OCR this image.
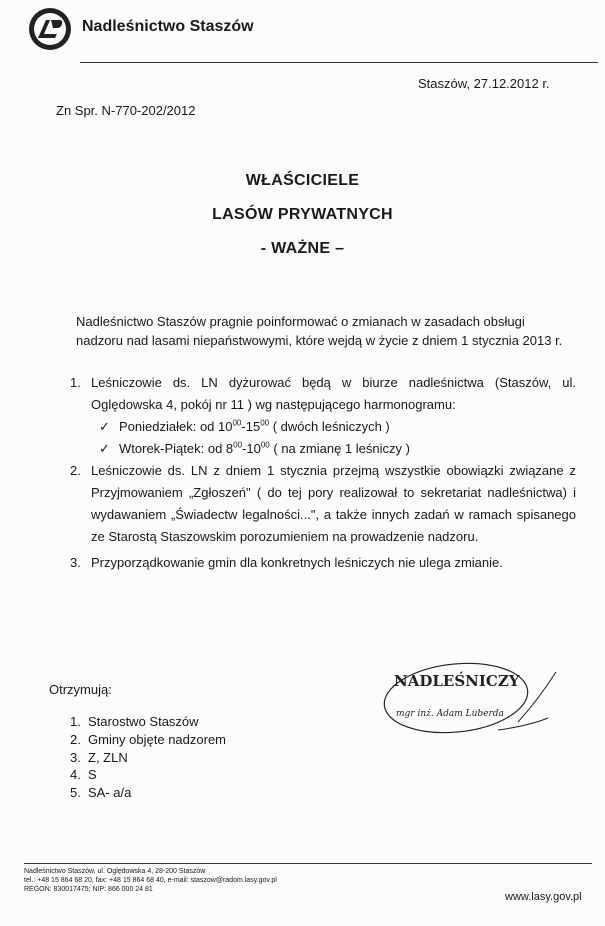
Nadleśnictwo Staszów
Staszów, 27.12.2012 r.
Zn Spr. N-770-202/2012
WŁAŚCICIELE
LASÓW PRYWATNYCH
- WAŻNE –
Nadleśnictwo Staszów pragnie poinformować o zmianach w zasadach obsługi
nadzoru nad lasami niepaństwowymi, które wejdą w życie z dniem 1 stycznia 2013 r.
1. Leśniczowie ds. LN dyżurować będą w biurze nadleśnictwa (Staszów, ul. Oględowska 4, pokój nr 11 ) wg następującego harmonogramu:
✓ Poniedziałek: od $10^{00}-15^{00}$ ( dwóch leśniczych )
✓ Wtorek-Piątek: od $8^{00}-10^{00}$ ( na zmianę 1 leśniczy )
2. Leśniczowie ds. LN z dniem 1 stycznia przejmą wszystkie obowiązki związane z Przyjmowaniem „Zgłoszeń" ( do tej pory realizował to sekretariat nadleśnictwa) i wydawaniem „Świadectw legalności...", a także innych zadań w ramach spisanego ze Starostą Staszowskim porozumieniem na prowadzenie nadzoru.
3. Przyporządkowanie gmin dla konkretnych leśniczych nie ulega zmianie.
NADLEŚNICZY
mgr inż. Adam Luberda
Otrzymują:
1. Starostwo Staszów
2. Gminy objęte nadzorem
3. Z, ZLN
4. S
5. SA- a/a
Nadleśnictwo Staszów, ul. Oględowska 4, 28-200 Staszów
tel.: +48 15 864 68 20, fax: +48 15 864 68 40, e-mail: staszow@radom.lasy.gov.pl
REGON: 830017475; NIP: 866 000 24 81
www.lasy.gov.pl
